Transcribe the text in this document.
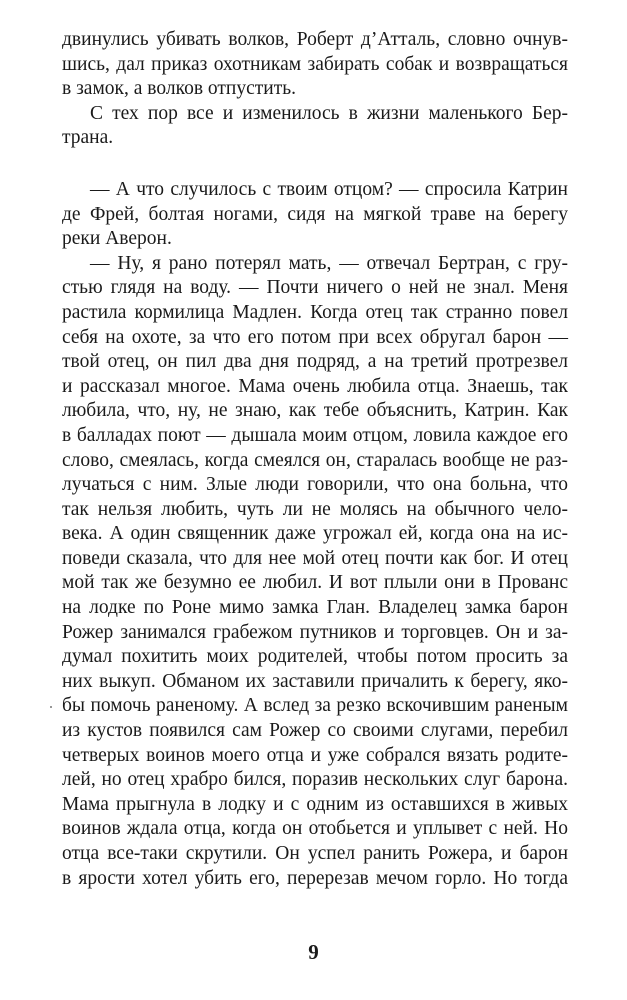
двинулись убивать волков, Роберт д’Атталь, словно очнув-
шись, дал приказ охотникам забирать собак и возвращаться
в замок, а волков отпустить.
С тех пор все и изменилось в жизни маленького Бер-
трана.
— А что случилось с твоим отцом? — спросила Катрин
де Фрей, болтая ногами, сидя на мягкой траве на берегу
реки Аверон.
— Ну, я рано потерял мать, — отвечал Бертран, с гру-
стью глядя на воду. — Почти ничего о ней не знал. Меня
растила кормилица Мадлен. Когда отец так странно повел
себя на охоте, за что его потом при всех обругал барон —
твой отец, он пил два дня подряд, а на третий протрезвел
и рассказал многое. Мама очень любила отца. Знаешь, так
любила, что, ну, не знаю, как тебе объяснить, Катрин. Как
в балладах поют — дышала моим отцом, ловила каждое его
слово, смеялась, когда смеялся он, старалась вообще не раз-
лучаться с ним. Злые люди говорили, что она больна, что
так нельзя любить, чуть ли не молясь на обычного чело-
века. А один священник даже угрожал ей, когда она на ис-
поведи сказала, что для нее мой отец почти как бог. И отец
мой так же безумно ее любил. И вот плыли они в Прованс
на лодке по Роне мимо замка Глан. Владелец замка барон
Рожер занимался грабежом путников и торговцев. Он и за-
думал похитить моих родителей, чтобы потом просить за
них выкуп. Обманом их заставили причалить к берегу, яко-
бы помочь раненому. А вслед за резко вскочившим раненым
из кустов появился сам Рожер со своими слугами, перебил
четверых воинов моего отца и уже собрался вязать родите-
лей, но отец храбро бился, поразив нескольких слуг барона.
Мама прыгнула в лодку и с одним из оставшихся в живых
воинов ждала отца, когда он отобьется и уплывет с ней. Но
отца все-таки скрутили. Он успел ранить Рожера, и барон
в ярости хотел убить его, перерезав мечом горло. Но тогда
9
